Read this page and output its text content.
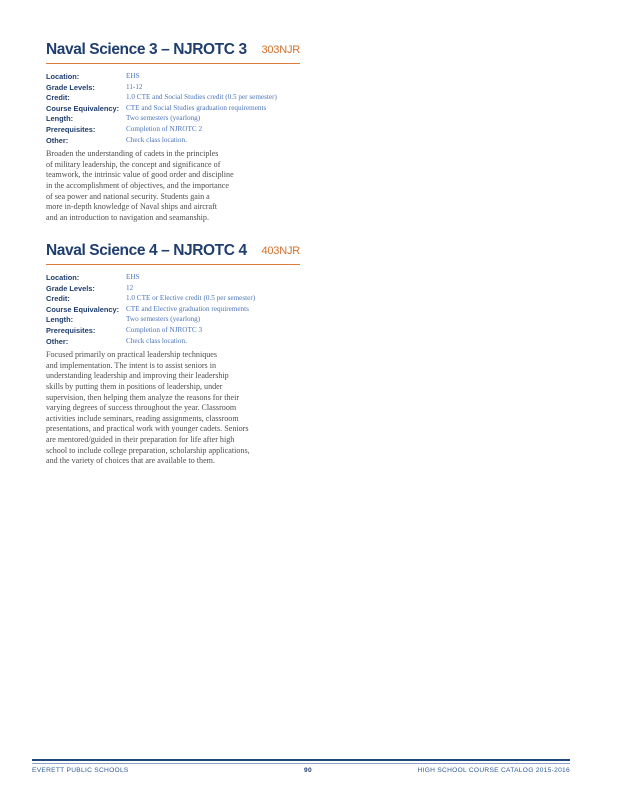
Naval Science 3 – NJROTC 3 303NJR
Location:	EHS
Grade Levels:	11-12
Credit:	1.0 CTE and Social Studies credit (0.5 per semester)
Course Equivalency:	CTE and Social Studies graduation requirements
Length:	Two semesters (yearlong)
Prerequisites:	Completion of NJROTC 2
Other:	Check class location.
Broaden the understanding of cadets in the principles
of military leadership, the concept and significance of
teamwork, the intrinsic value of good order and discipline
in the accomplishment of objectives, and the importance
of sea power and national security. Students gain a
more in-depth knowledge of Naval ships and aircraft
and an introduction to navigation and seamanship.
Naval Science 4 – NJROTC 4 403NJR
Location:	EHS
Grade Levels:	12
Credit:	1.0 CTE or Elective credit (0.5 per semester)
Course Equivalency:	CTE and Elective graduation requirements
Length:	Two semesters (yearlong)
Prerequisites:	Completion of NJROTC 3
Other:	Check class location.
Focused primarily on practical leadership techniques
and implementation. The intent is to assist seniors in
understanding leadership and improving their leadership
skills by putting them in positions of leadership, under
supervision, then helping them analyze the reasons for their
varying degrees of success throughout the year. Classroom
activities include seminars, reading assignments, classroom
presentations, and practical work with younger cadets. Seniors
are mentored/guided in their preparation for life after high
school to include college preparation, scholarship applications,
and the variety of choices that are available to them.
EVERETT PUBLIC SCHOOLS	90	HIGH SCHOOL COURSE CATALOG 2015-2016
